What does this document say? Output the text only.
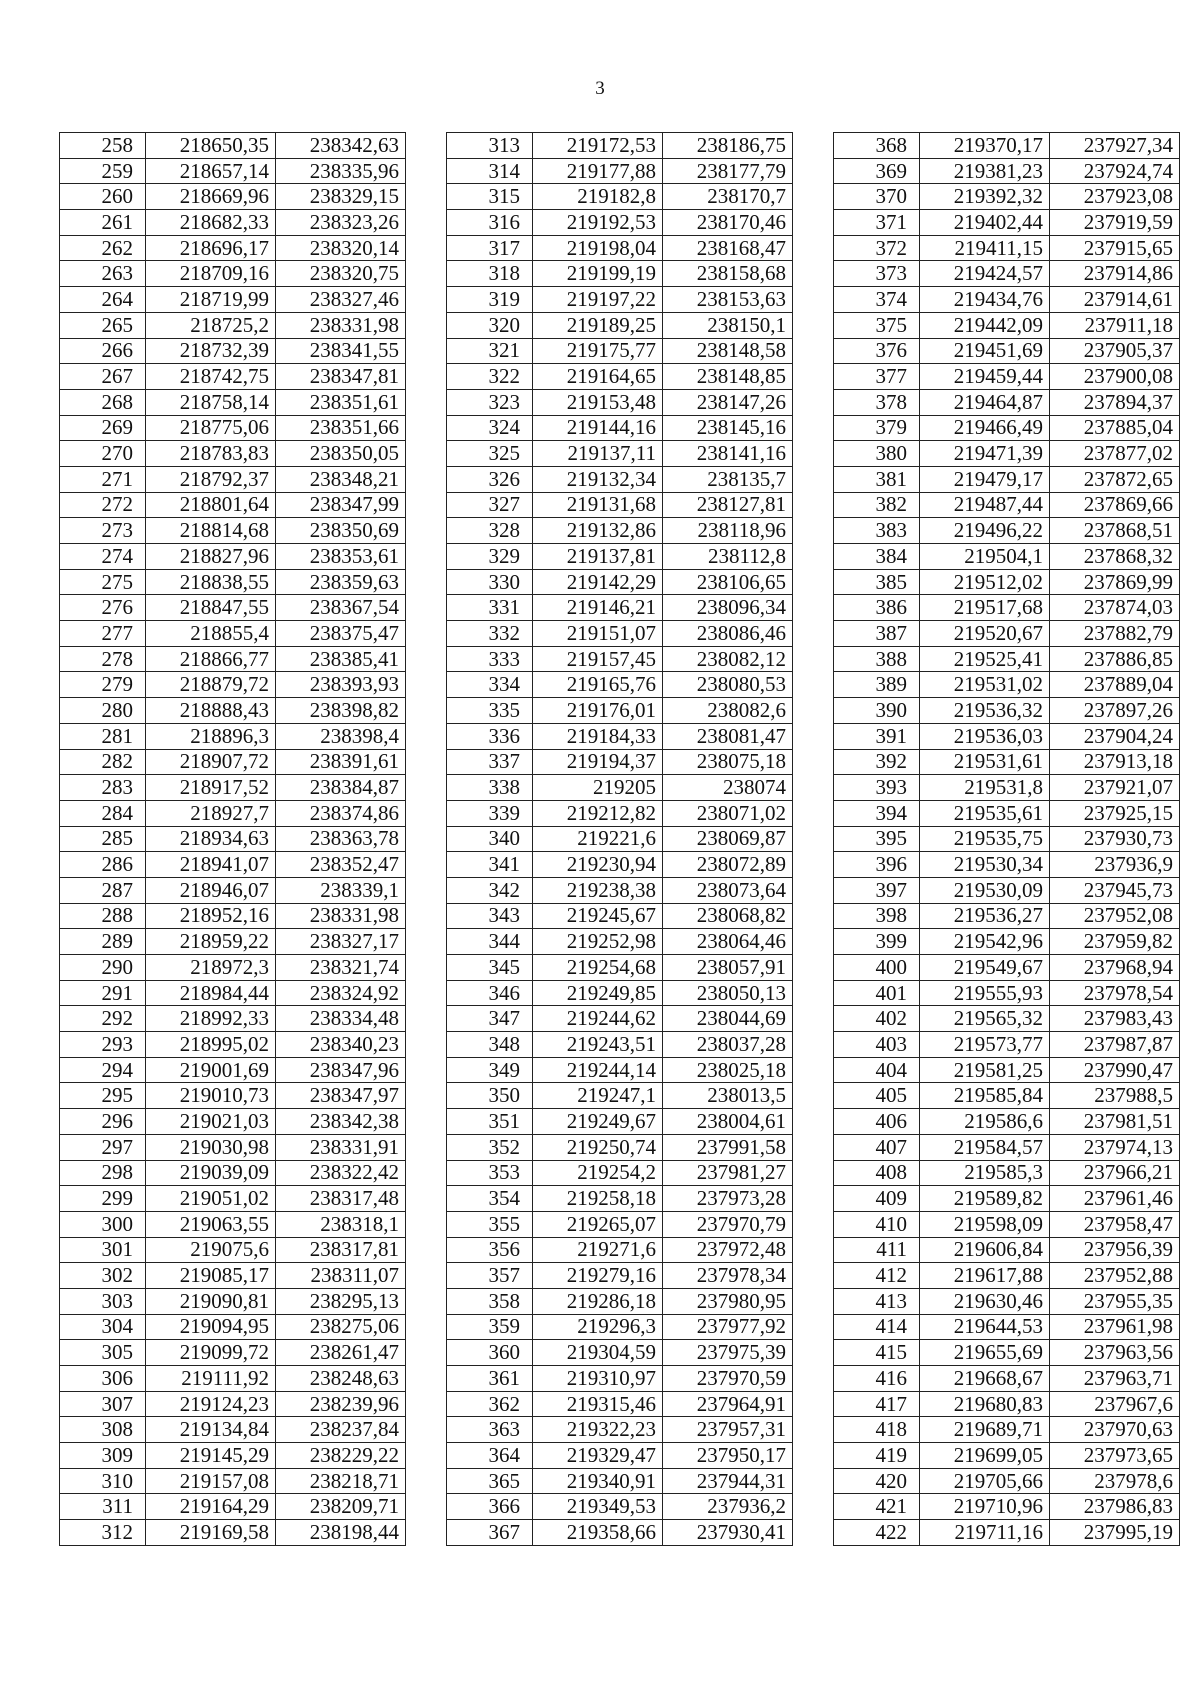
3
258	218650,35	238342,63
259	218657,14	238335,96
260	218669,96	238329,15
261	218682,33	238323,26
262	218696,17	238320,14
263	218709,16	238320,75
264	218719,99	238327,46
265	218725,2	238331,98
266	218732,39	238341,55
267	218742,75	238347,81
268	218758,14	238351,61
269	218775,06	238351,66
270	218783,83	238350,05
271	218792,37	238348,21
272	218801,64	238347,99
273	218814,68	238350,69
274	218827,96	238353,61
275	218838,55	238359,63
276	218847,55	238367,54
277	218855,4	238375,47
278	218866,77	238385,41
279	218879,72	238393,93
280	218888,43	238398,82
281	218896,3	238398,4
282	218907,72	238391,61
283	218917,52	238384,87
284	218927,7	238374,86
285	218934,63	238363,78
286	218941,07	238352,47
287	218946,07	238339,1
288	218952,16	238331,98
289	218959,22	238327,17
290	218972,3	238321,74
291	218984,44	238324,92
292	218992,33	238334,48
293	218995,02	238340,23
294	219001,69	238347,96
295	219010,73	238347,97
296	219021,03	238342,38
297	219030,98	238331,91
298	219039,09	238322,42
299	219051,02	238317,48
300	219063,55	238318,1
301	219075,6	238317,81
302	219085,17	238311,07
303	219090,81	238295,13
304	219094,95	238275,06
305	219099,72	238261,47
306	219111,92	238248,63
307	219124,23	238239,96
308	219134,84	238237,84
309	219145,29	238229,22
310	219157,08	238218,71
311	219164,29	238209,71
312	219169,58	238198,44
313	219172,53	238186,75
314	219177,88	238177,79
315	219182,8	238170,7
316	219192,53	238170,46
317	219198,04	238168,47
318	219199,19	238158,68
319	219197,22	238153,63
320	219189,25	238150,1
321	219175,77	238148,58
322	219164,65	238148,85
323	219153,48	238147,26
324	219144,16	238145,16
325	219137,11	238141,16
326	219132,34	238135,7
327	219131,68	238127,81
328	219132,86	238118,96
329	219137,81	238112,8
330	219142,29	238106,65
331	219146,21	238096,34
332	219151,07	238086,46
333	219157,45	238082,12
334	219165,76	238080,53
335	219176,01	238082,6
336	219184,33	238081,47
337	219194,37	238075,18
338	219205	238074
339	219212,82	238071,02
340	219221,6	238069,87
341	219230,94	238072,89
342	219238,38	238073,64
343	219245,67	238068,82
344	219252,98	238064,46
345	219254,68	238057,91
346	219249,85	238050,13
347	219244,62	238044,69
348	219243,51	238037,28
349	219244,14	238025,18
350	219247,1	238013,5
351	219249,67	238004,61
352	219250,74	237991,58
353	219254,2	237981,27
354	219258,18	237973,28
355	219265,07	237970,79
356	219271,6	237972,48
357	219279,16	237978,34
358	219286,18	237980,95
359	219296,3	237977,92
360	219304,59	237975,39
361	219310,97	237970,59
362	219315,46	237964,91
363	219322,23	237957,31
364	219329,47	237950,17
365	219340,91	237944,31
366	219349,53	237936,2
367	219358,66	237930,41
368	219370,17	237927,34
369	219381,23	237924,74
370	219392,32	237923,08
371	219402,44	237919,59
372	219411,15	237915,65
373	219424,57	237914,86
374	219434,76	237914,61
375	219442,09	237911,18
376	219451,69	237905,37
377	219459,44	237900,08
378	219464,87	237894,37
379	219466,49	237885,04
380	219471,39	237877,02
381	219479,17	237872,65
382	219487,44	237869,66
383	219496,22	237868,51
384	219504,1	237868,32
385	219512,02	237869,99
386	219517,68	237874,03
387	219520,67	237882,79
388	219525,41	237886,85
389	219531,02	237889,04
390	219536,32	237897,26
391	219536,03	237904,24
392	219531,61	237913,18
393	219531,8	237921,07
394	219535,61	237925,15
395	219535,75	237930,73
396	219530,34	237936,9
397	219530,09	237945,73
398	219536,27	237952,08
399	219542,96	237959,82
400	219549,67	237968,94
401	219555,93	237978,54
402	219565,32	237983,43
403	219573,77	237987,87
404	219581,25	237990,47
405	219585,84	237988,5
406	219586,6	237981,51
407	219584,57	237974,13
408	219585,3	237966,21
409	219589,82	237961,46
410	219598,09	237958,47
411	219606,84	237956,39
412	219617,88	237952,88
413	219630,46	237955,35
414	219644,53	237961,98
415	219655,69	237963,56
416	219668,67	237963,71
417	219680,83	237967,6
418	219689,71	237970,63
419	219699,05	237973,65
420	219705,66	237978,6
421	219710,96	237986,83
422	219711,16	237995,19
